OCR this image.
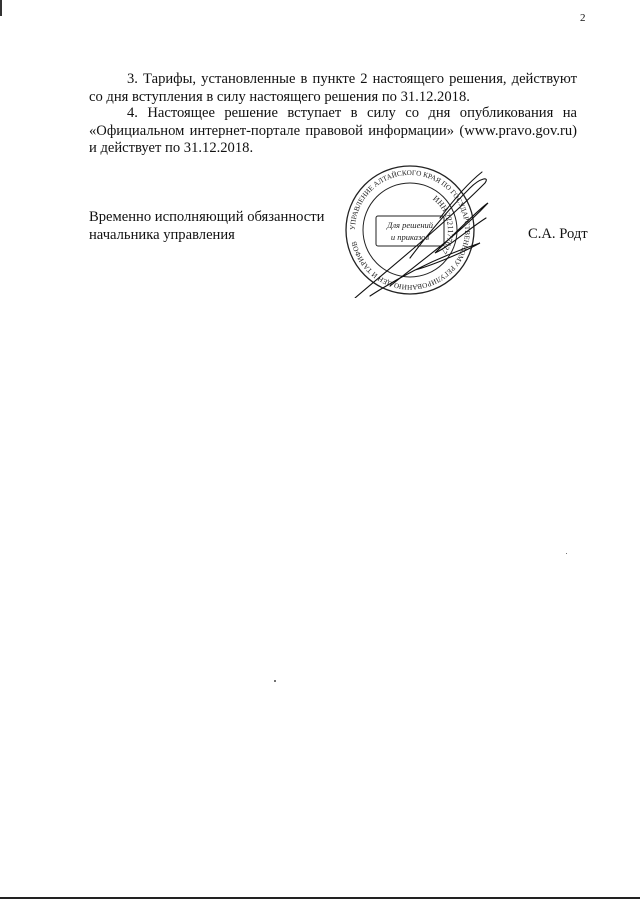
2

3. Тарифы, установленные в пункте 2 настоящего решения, действуют со дня вступления в силу настоящего решения по 31.12.2018.

4. Настоящее решение вступает в силу со дня опубликования на «Официальном интернет-портале правовой информации» (www.pravo.gov.ru) и действует по 31.12.2018.

Временно исполняющий обязанности
начальника управления	УПРАВЛЕНИЕ АЛТАЙСКОГО КРАЯ ПО ГОСУДАРСТВЕННОМУ РЕГУЛИРОВАНИЮ ЦЕН И ТАРИФОВ
ИНН 2221177627
Для решений
и приказов	С.А. Родт
